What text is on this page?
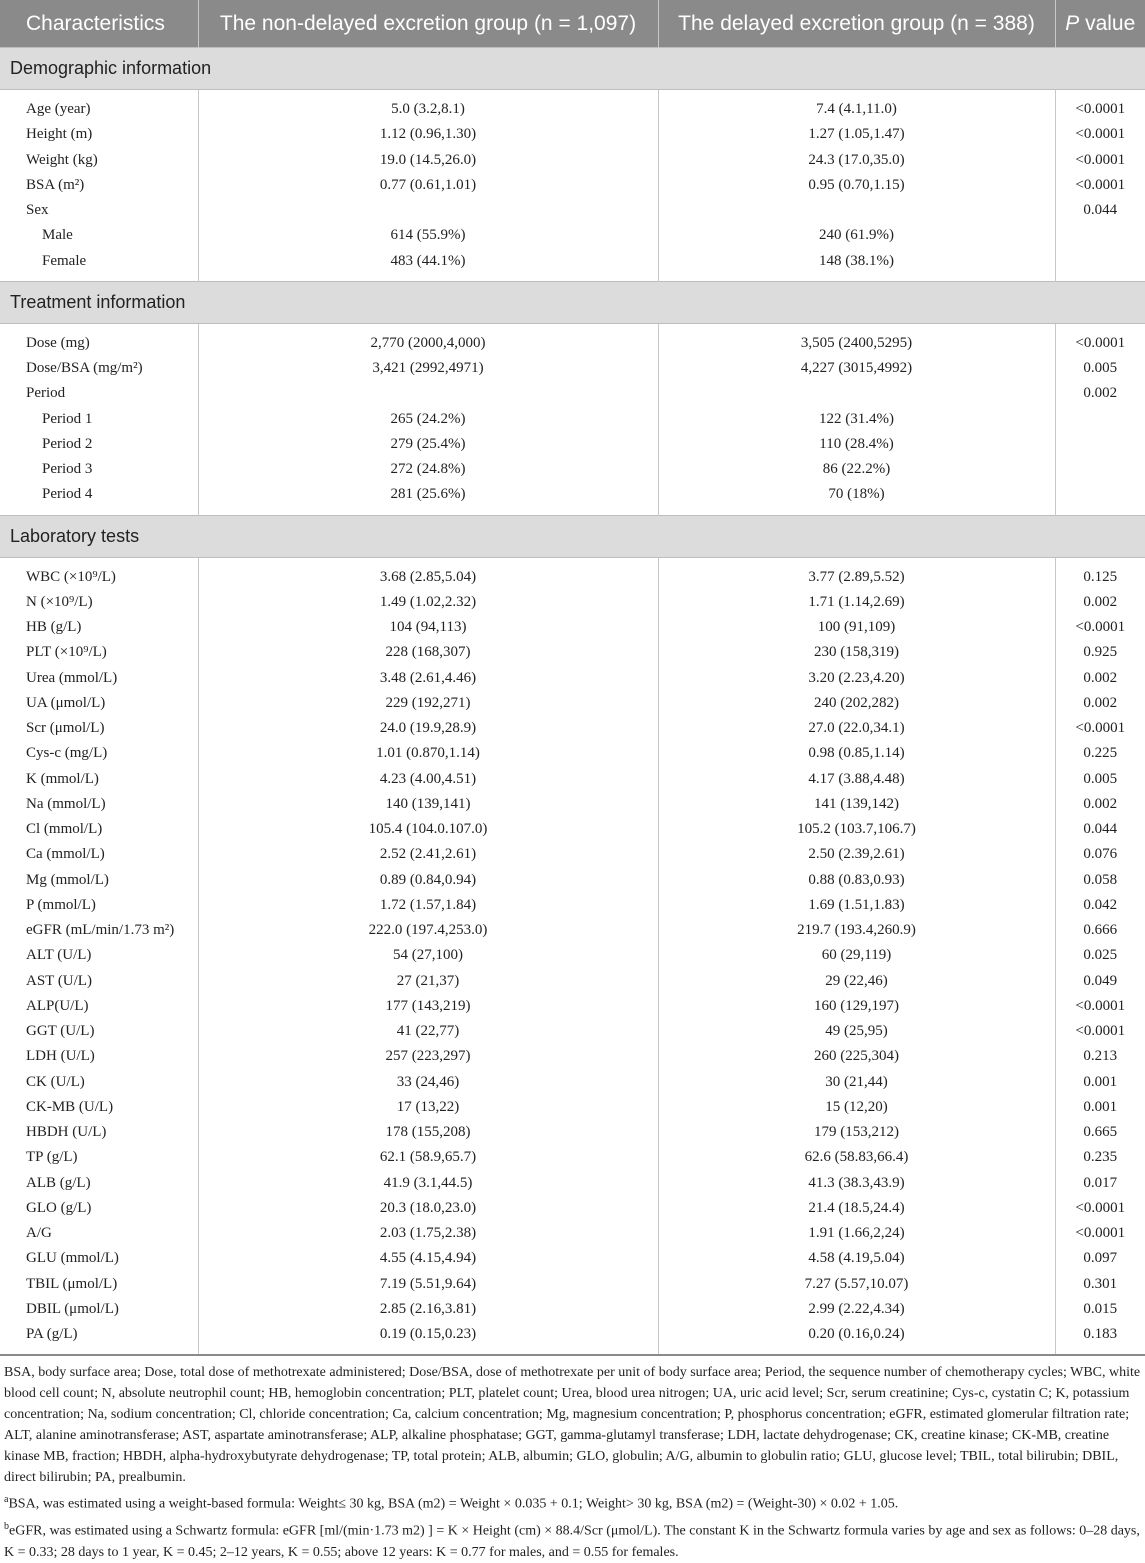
Characteristics	The non-delayed excretion group (n = 1,097)	The delayed excretion group (n = 388)	P value
Demographic information			
Age (year)	5.0 (3.2,8.1)	7.4 (4.1,11.0)	<0.0001
Height (m)	1.12 (0.96,1.30)	1.27 (1.05,1.47)	<0.0001
Weight (kg)	19.0 (14.5,26.0)	24.3 (17.0,35.0)	<0.0001
BSA (m²)	0.77 (0.61,1.01)	0.95 (0.70,1.15)	<0.0001
Sex			0.044
Male	614 (55.9%)	240 (61.9%)	
Female	483 (44.1%)	148 (38.1%)	
Treatment information			
Dose (mg)	2,770 (2000,4,000)	3,505 (2400,5295)	<0.0001
Dose/BSA (mg/m²)	3,421 (2992,4971)	4,227 (3015,4992)	0.005
Period			0.002
Period 1	265 (24.2%)	122 (31.4%)	
Period 2	279 (25.4%)	110 (28.4%)	
Period 3	272 (24.8%)	86 (22.2%)	
Period 4	281 (25.6%)	70 (18%)	
Laboratory tests			
WBC (×10⁹/L)	3.68 (2.85,5.04)	3.77 (2.89,5.52)	0.125
N (×10⁹/L)	1.49 (1.02,2.32)	1.71 (1.14,2.69)	0.002
HB (g/L)	104 (94,113)	100 (91,109)	<0.0001
PLT (×10⁹/L)	228 (168,307)	230 (158,319)	0.925
Urea (mmol/L)	3.48 (2.61,4.46)	3.20 (2.23,4.20)	0.002
UA (μmol/L)	229 (192,271)	240 (202,282)	0.002
Scr (μmol/L)	24.0 (19.9,28.9)	27.0 (22.0,34.1)	<0.0001
Cys-c (mg/L)	1.01 (0.870,1.14)	0.98 (0.85,1.14)	0.225
K (mmol/L)	4.23 (4.00,4.51)	4.17 (3.88,4.48)	0.005
Na (mmol/L)	140 (139,141)	141 (139,142)	0.002
Cl (mmol/L)	105.4 (104.0.107.0)	105.2 (103.7,106.7)	0.044
Ca (mmol/L)	2.52 (2.41,2.61)	2.50 (2.39,2.61)	0.076
Mg (mmol/L)	0.89 (0.84,0.94)	0.88 (0.83,0.93)	0.058
P (mmol/L)	1.72 (1.57,1.84)	1.69 (1.51,1.83)	0.042
eGFR (mL/min/1.73 m²)	222.0 (197.4,253.0)	219.7 (193.4,260.9)	0.666
ALT (U/L)	54 (27,100)	60 (29,119)	0.025
AST (U/L)	27 (21,37)	29 (22,46)	0.049
ALP(U/L)	177 (143,219)	160 (129,197)	<0.0001
GGT (U/L)	41 (22,77)	49 (25,95)	<0.0001
LDH (U/L)	257 (223,297)	260 (225,304)	0.213
CK (U/L)	33 (24,46)	30 (21,44)	0.001
CK-MB (U/L)	17 (13,22)	15 (12,20)	0.001
HBDH (U/L)	178 (155,208)	179 (153,212)	0.665
TP (g/L)	62.1 (58.9,65.7)	62.6 (58.83,66.4)	0.235
ALB (g/L)	41.9 (3.1,44.5)	41.3 (38.3,43.9)	0.017
GLO (g/L)	20.3 (18.0,23.0)	21.4 (18.5,24.4)	<0.0001
A/G	2.03 (1.75,2.38)	1.91 (1.66,2,24)	<0.0001
GLU (mmol/L)	4.55 (4.15,4.94)	4.58 (4.19,5.04)	0.097
TBIL (μmol/L)	7.19 (5.51,9.64)	7.27 (5.57,10.07)	0.301
DBIL (μmol/L)	2.85 (2.16,3.81)	2.99 (2.22,4.34)	0.015
PA (g/L)	0.19 (0.15,0.23)	0.20 (0.16,0.24)	0.183

BSA, body surface area; Dose, total dose of methotrexate administered; Dose/BSA, dose of methotrexate per unit of body surface area; Period, the sequence number of chemotherapy cycles; WBC, white blood cell count; N, absolute neutrophil count; HB, hemoglobin concentration; PLT, platelet count; Urea, blood urea nitrogen; UA, uric acid level; Scr, serum creatinine; Cys-c, cystatin C; K, potassium concentration; Na, sodium concentration; Cl, chloride concentration; Ca, calcium concentration; Mg, magnesium concentration; P, phosphorus concentration; eGFR, estimated glomerular filtration rate; ALT, alanine aminotransferase; AST, aspartate aminotransferase; ALP, alkaline phosphatase; GGT, gamma-glutamyl transferase; LDH, lactate dehydrogenase; CK, creatine kinase; CK-MB, creatine kinase MB, fraction; HBDH, alpha-hydroxybutyrate dehydrogenase; TP, total protein; ALB, albumin; GLO, globulin; A/G, albumin to globulin ratio; GLU, glucose level; TBIL, total bilirubin; DBIL, direct bilirubin; PA, prealbumin.

$^a$BSA, was estimated using a weight-based formula: Weight≤ 30 kg, BSA (m2) = Weight × 0.035 + 0.1; Weight> 30 kg, BSA (m2) = (Weight-30) × 0.02 + 1.05.

$^b$eGFR, was estimated using a Schwartz formula: eGFR [ml/(min·1.73 m2) ] = K × Height (cm) × 88.4/Scr (μmol/L). The constant K in the Schwartz formula varies by age and sex as follows: 0–28 days, K = 0.33; 28 days to 1 year, K = 0.45; 2–12 years, K = 0.55; above 12 years: K = 0.77 for males, and = 0.55 for females.
